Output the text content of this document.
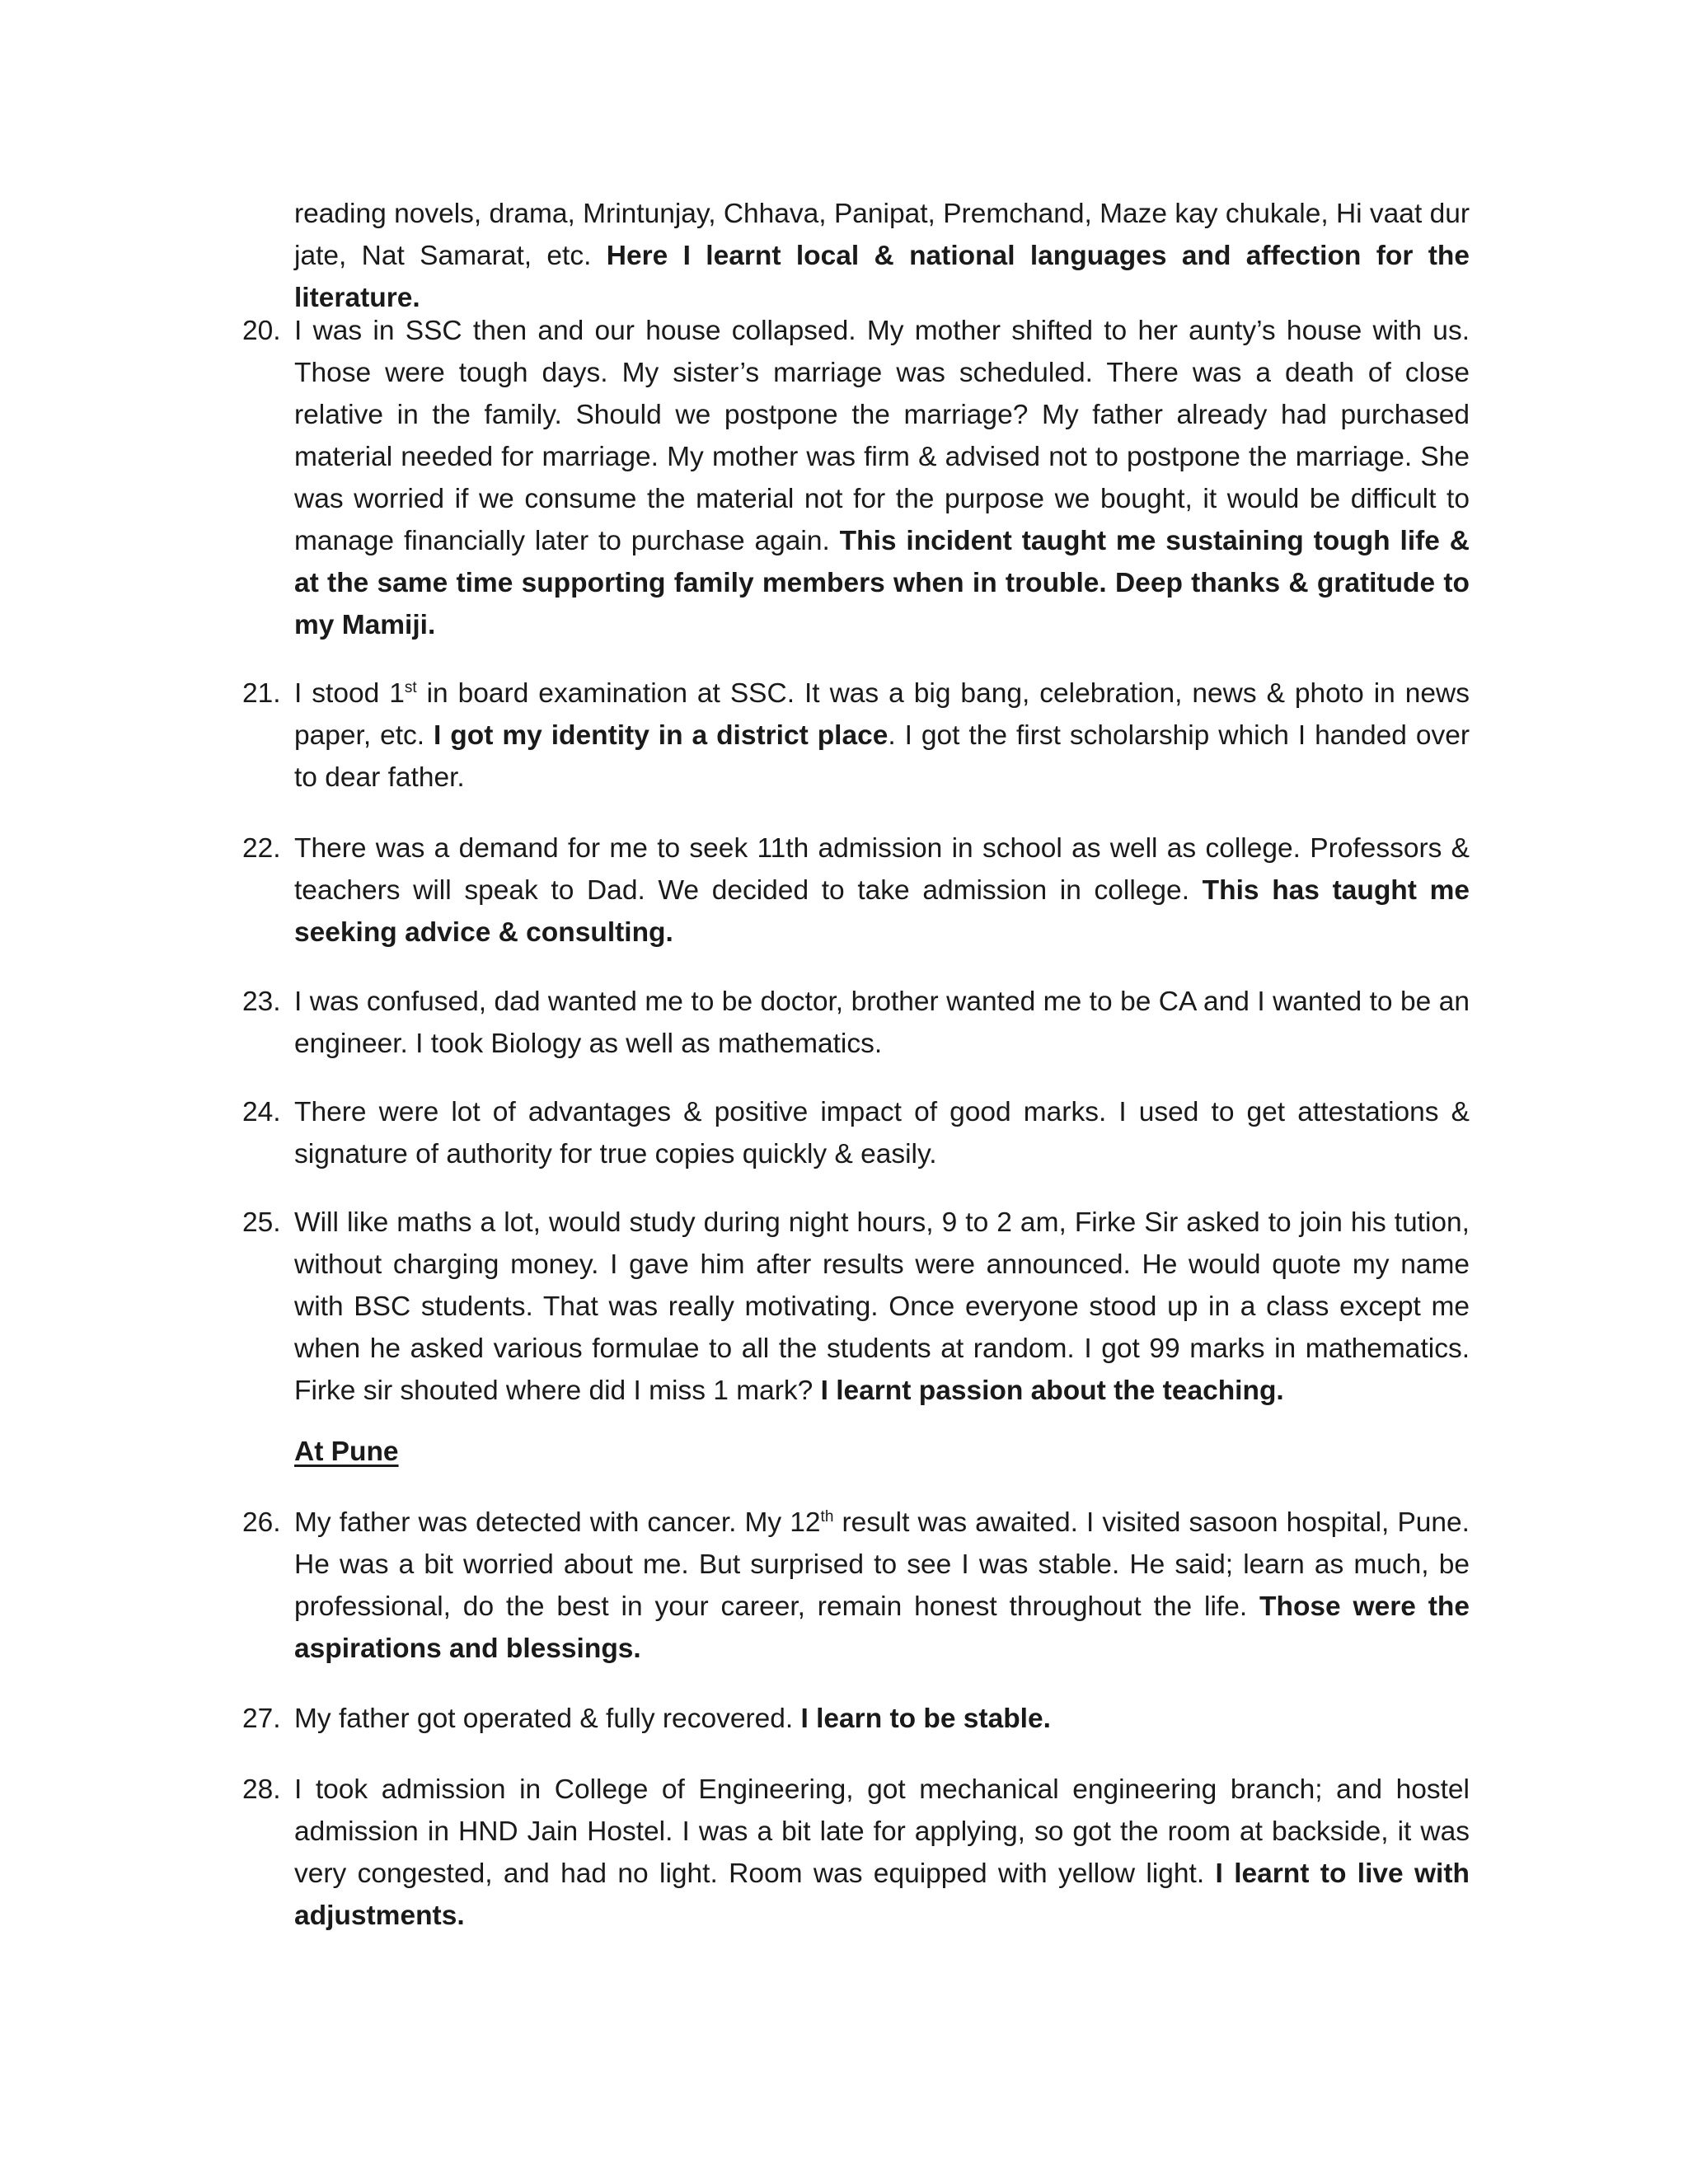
reading novels, drama, Mrintunjay, Chhava, Panipat, Premchand, Maze kay chukale, Hi vaat dur jate, Nat Samarat, etc. Here I learnt local & national languages and affection for the literature.

20. I was in SSC then and our house collapsed. My mother shifted to her aunty’s house with us. Those were tough days. My sister’s marriage was scheduled. There was a death of close relative in the family. Should we postpone the marriage? My father already had purchased material needed for marriage. My mother was firm & advised not to postpone the marriage. She was worried if we consume the material not for the purpose we bought, it would be difficult to manage financially later to purchase again. This incident taught me sustaining tough life & at the same time supporting family members when in trouble. Deep thanks & gratitude to my Mamiji.
21. I stood 1st in board examination at SSC. It was a big bang, celebration, news & photo in news paper, etc. I got my identity in a district place. I got the first scholarship which I handed over to dear father.
22. There was a demand for me to seek 11th admission in school as well as college. Professors & teachers will speak to Dad. We decided to take admission in college. This has taught me seeking advice & consulting.
23. I was confused, dad wanted me to be doctor, brother wanted me to be CA and I wanted to be an engineer. I took Biology as well as mathematics.
24. There were lot of advantages & positive impact of good marks. I used to get attestations & signature of authority for true copies quickly & easily.
25. Will like maths a lot, would study during night hours, 9 to 2 am, Firke Sir asked to join his tution, without charging money. I gave him after results were announced. He would quote my name with BSC students. That was really motivating. Once everyone stood up in a class except me when he asked various formulae to all the students at random. I got 99 marks in mathematics. Firke sir shouted where did I miss 1 mark? I learnt passion about the teaching.

At Pune

26. My father was detected with cancer. My 12th result was awaited. I visited sasoon hospital, Pune. He was a bit worried about me. But surprised to see I was stable. He said; learn as much, be professional, do the best in your career, remain honest throughout the life. Those were the aspirations and blessings.
27. My father got operated & fully recovered. I learn to be stable.
28. I took admission in College of Engineering, got mechanical engineering branch; and hostel admission in HND Jain Hostel. I was a bit late for applying, so got the room at backside, it was very congested, and had no light. Room was equipped with yellow light. I learnt to live with adjustments.
